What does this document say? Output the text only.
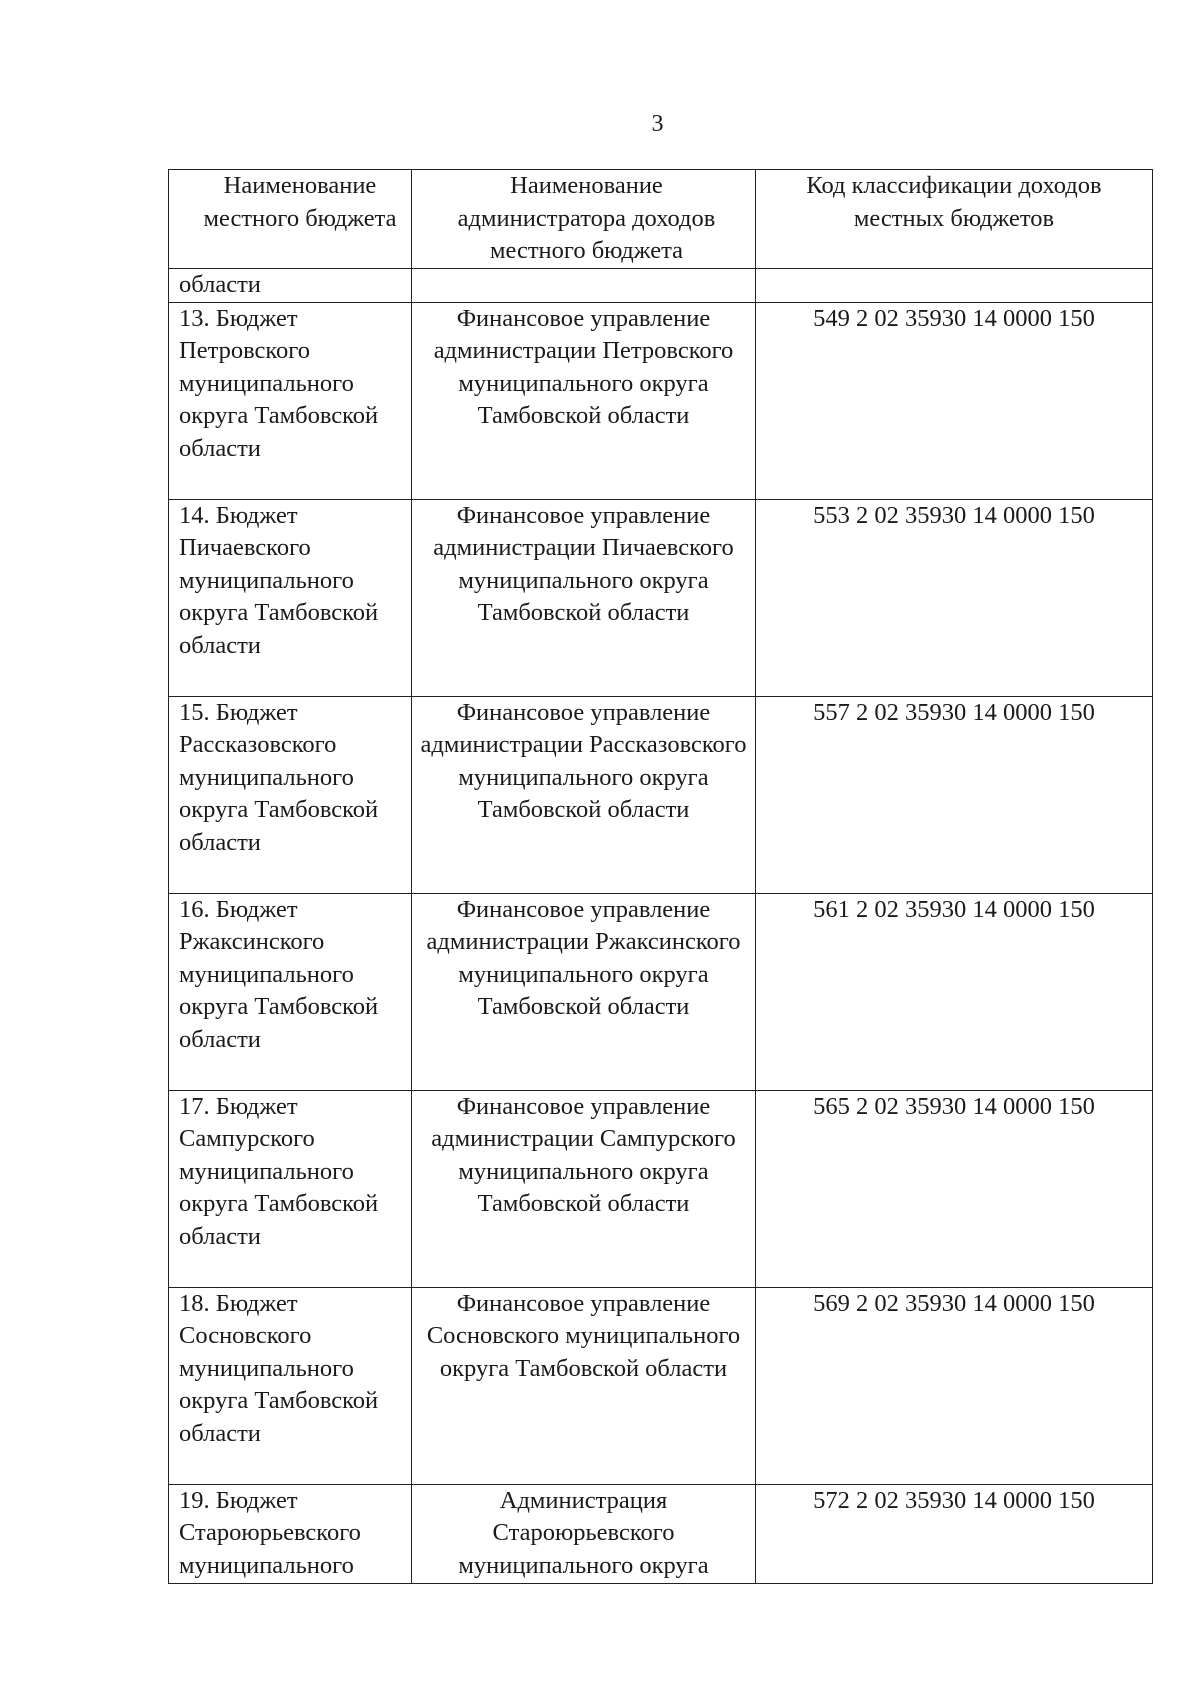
3
Наименование местного бюджета	Наименование администратора доходов местного бюджета	Код классификации доходов местных бюджетов
области		
13. Бюджет Петровского муниципального округа Тамбовской области	Финансовое управление администрации Петровского муниципального округа Тамбовской области	549 2 02 35930 14 0000 150
14. Бюджет Пичаевского муниципального округа Тамбовской области	Финансовое управление администрации Пичаевского муниципального округа Тамбовской области	553 2 02 35930 14 0000 150
15. Бюджет Рассказовского муниципального округа Тамбовской области	Финансовое управление администрации Рассказовского муниципального округа Тамбовской области	557 2 02 35930 14 0000 150
16. Бюджет Ржаксинского муниципального округа Тамбовской области	Финансовое управление администрации Ржаксинского муниципального округа Тамбовской области	561 2 02 35930 14 0000 150
17. Бюджет Сампурского муниципального округа Тамбовской области	Финансовое управление администрации Сампурского муниципального округа Тамбовской области	565 2 02 35930 14 0000 150
18. Бюджет Сосновского муниципального округа Тамбовской области	Финансовое управление Сосновского муниципального округа Тамбовской области	569 2 02 35930 14 0000 150
19. Бюджет Староюрьевского муниципального	Администрация Староюрьевского муниципального округа	572 2 02 35930 14 0000 150
